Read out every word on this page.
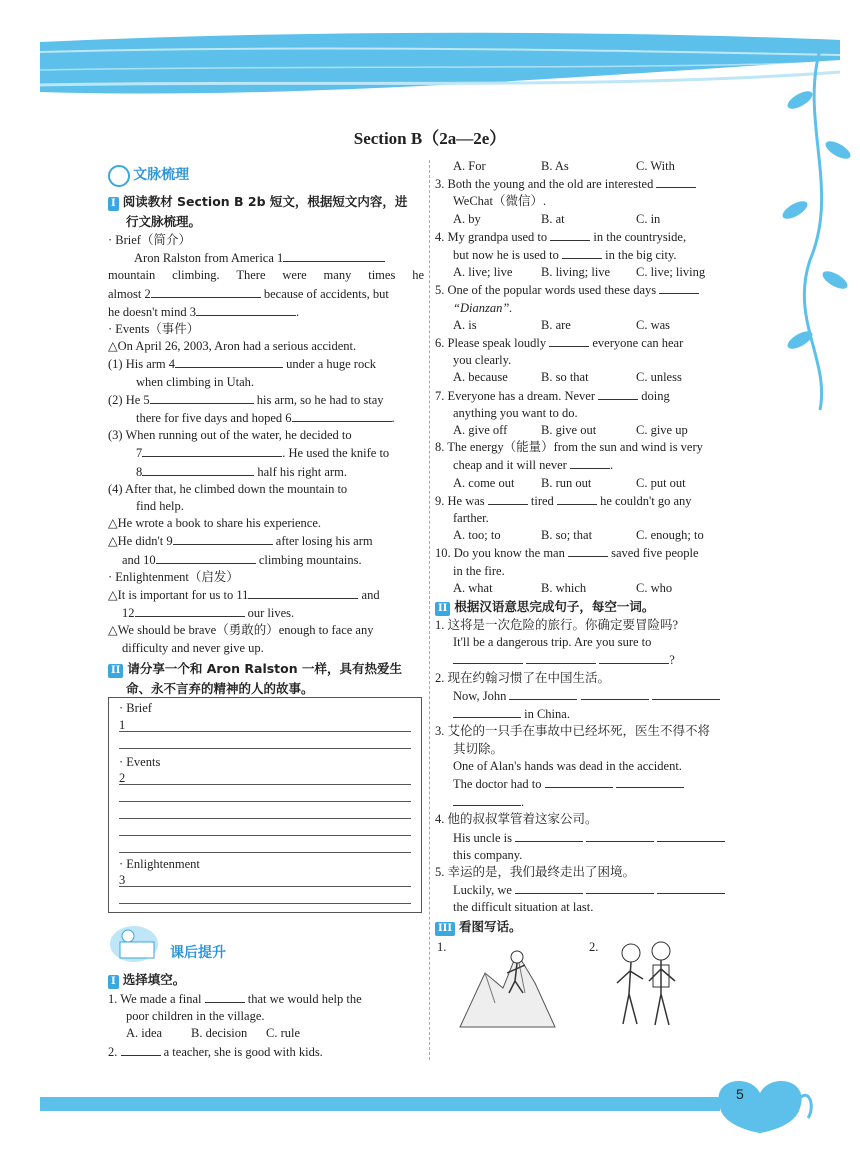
Section B（2a—2e）
文脉梳理
I 阅读教材 Section B 2b 短文，根据短文内容，进
行文脉梳理。
· Brief（简介）
Aron Ralston from America 1
mountain climbing. There were many times he
almost 2	because of accidents, but
he doesn't mind 3	.
· Events（事件）
△On April 26, 2003, Aron had a serious accident.
(1) His arm 4	under a huge rock
when climbing in Utah.
(2) He 5	his arm, so he had to stay
there for five days and hoped 6	.
(3) When running out of the water, he decided to
7	. He used the knife to
8	half his right arm.
(4) After that, he climbed down the mountain to
find help.
△He wrote a book to share his experience.
△He didn't 9	after losing his arm
and 10	climbing mountains.
· Enlightenment（启发）
△It is important for us to 11	and
12	our lives.
△We should be brave（勇敢的）enough to face any
difficulty and never give up.
II 请分享一个和 Aron Ralston 一样，具有热爱生
命、永不言弃的精神的人的故事。
· Brief
1
· Events
2
· Enlightenment
3
课后提升
I 选择填空。
1. We made a final	that we would help the
poor children in the village.
A. idea B. decision C. rule
2.	a teacher, she is good with kids.
A. For	B. As	C. With
3. Both the young and the old are interested
WeChat（微信）.
A. by	B. at	C. in
4. My grandpa used to	in the countryside,
but now he is used to	in the big city.
A. live; live B. living; live C. live; living
5. One of the popular words used these days
“Dianzan”.
A. is	B. are	C. was
6. Please speak loudly	everyone can hear
you clearly.
A. because	B. so that	C. unless
7. Everyone has a dream. Never	doing
anything you want to do.
A. give off	B. give out	C. give up
8. The energy（能量）from the sun and wind is very
cheap and it will never	.
A. come out B. run out	C. put out
9. He was	tired	he couldn't go any
farther.
A. too; to	B. so; that	C. enough; to
10. Do you know the man	saved five people
in the fire.
A. what	B. which	C. who
II 根据汉语意思完成句子，每空一词。
1. 这将是一次危险的旅行。你确定要冒险吗?
It'll be a dangerous trip. Are you sure to
?
2. 现在约翰习惯了在中国生活。
Now, John
in China.
3. 艾伦的一只手在事故中已经坏死，医生不得不将
其切除。
One of Alan's hands was dead in the accident.
The doctor had to
.
4. 他的叔叔掌管着这家公司。
His uncle is
this company.
5. 幸运的是，我们最终走出了困境。
Luckily, we
the difficult situation at last.
III 看图写话。
1.	2.
5
